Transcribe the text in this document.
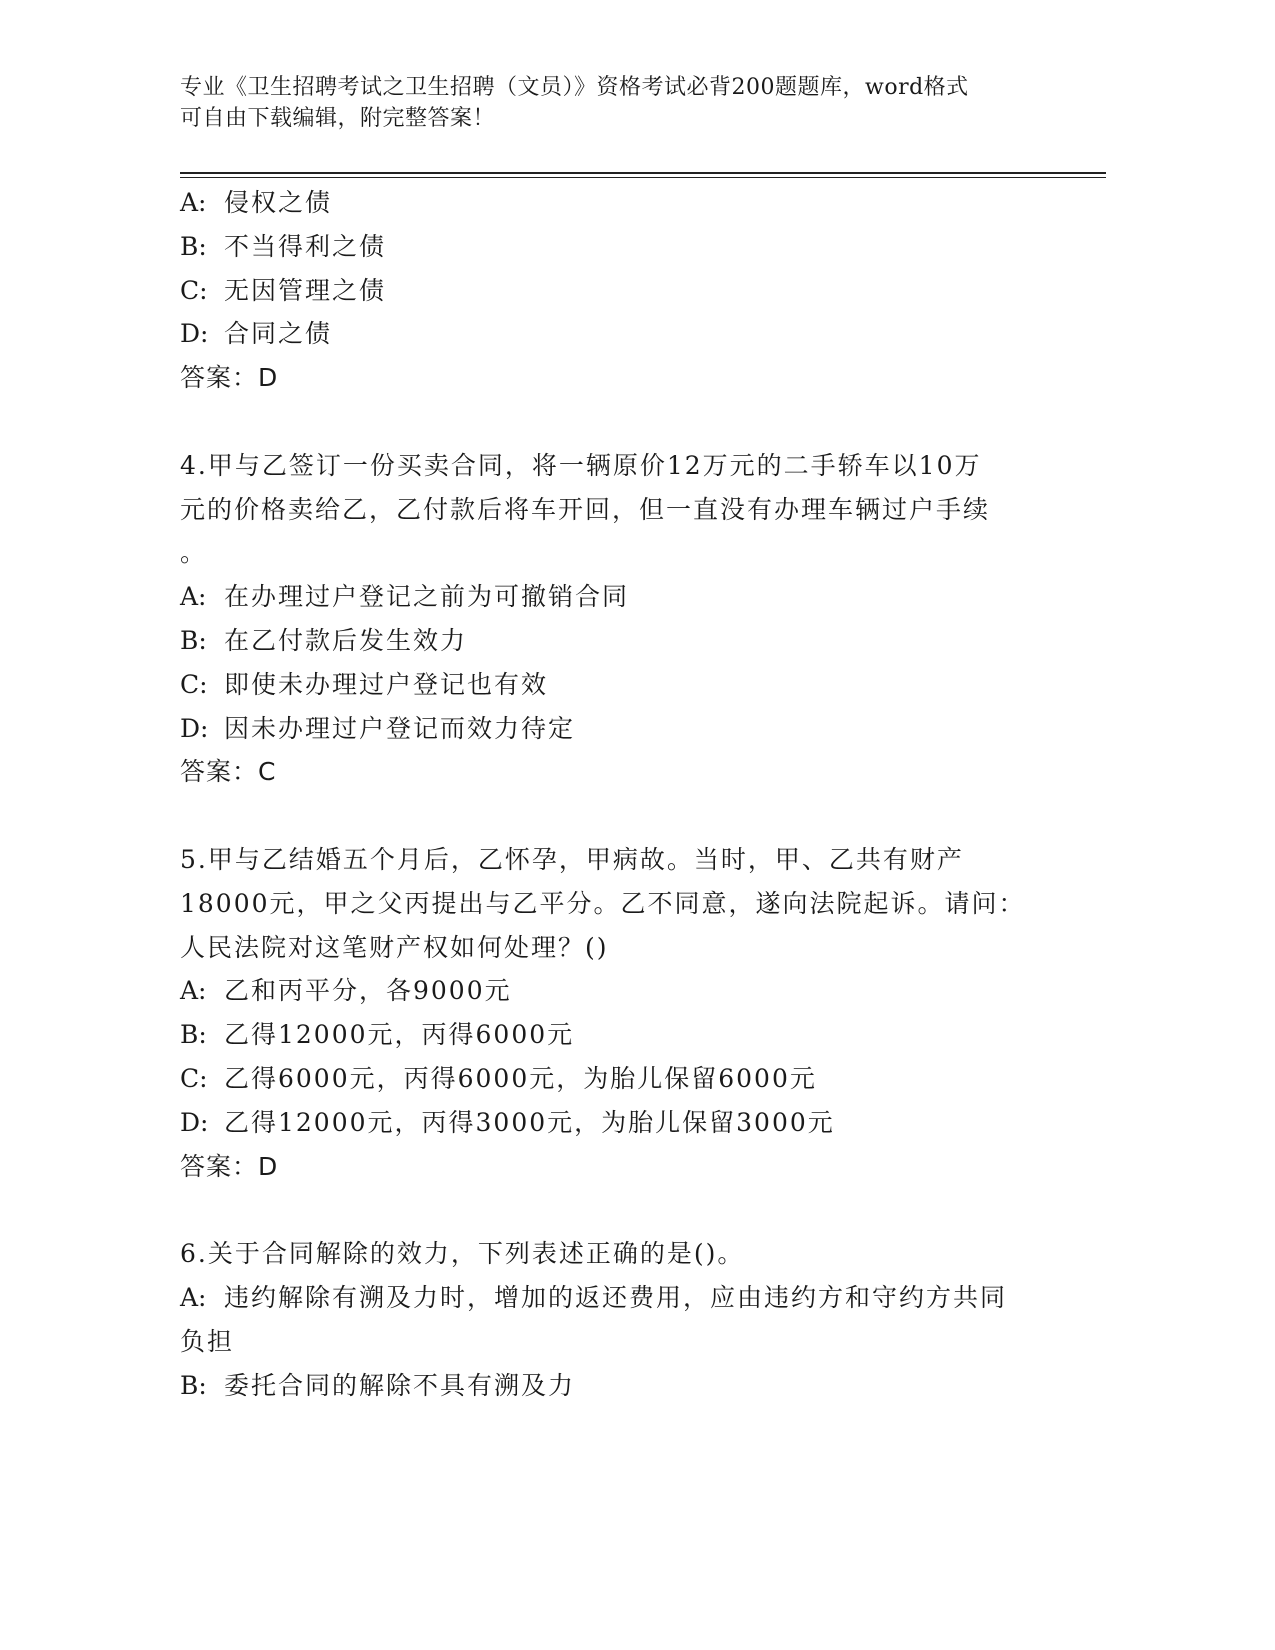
专业《卫生招聘考试之卫生招聘（文员）》资格考试必背200题题库，word格式
可自由下载编辑，附完整答案！
A: 侵权之债
B: 不当得利之债
C: 无因管理之债
D: 合同之债
答案：D
4.甲与乙签订一份买卖合同，将一辆原价12万元的二手轿车以10万
元的价格卖给乙，乙付款后将车开回，但一直没有办理车辆过户手续
。
A: 在办理过户登记之前为可撤销合同
B: 在乙付款后发生效力
C: 即使未办理过户登记也有效
D: 因未办理过户登记而效力待定
答案：C
5.甲与乙结婚五个月后，乙怀孕，甲病故。当时，甲、乙共有财产
18000元，甲之父丙提出与乙平分。乙不同意，遂向法院起诉。请问：
人民法院对这笔财产权如何处理？()
A: 乙和丙平分，各9000元
B: 乙得12000元，丙得6000元
C: 乙得6000元，丙得6000元，为胎儿保留6000元
D: 乙得12000元，丙得3000元，为胎儿保留3000元
答案：D
6.关于合同解除的效力，下列表述正确的是()。
A: 违约解除有溯及力时，增加的返还费用，应由违约方和守约方共同
负担
B: 委托合同的解除不具有溯及力
